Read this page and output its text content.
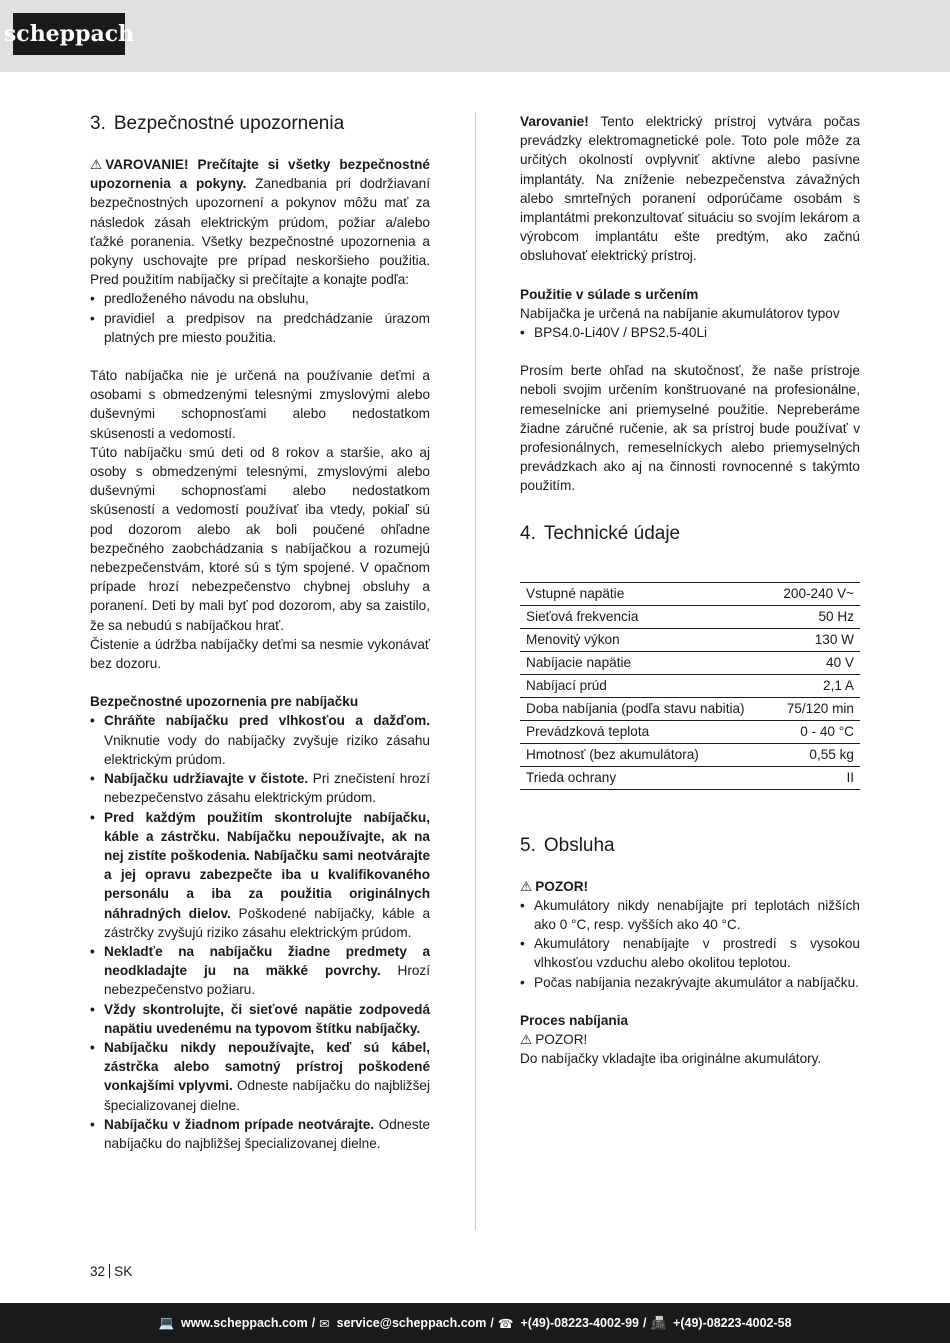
scheppach
3. Bezpečnostné upozornenia

⚠ VAROVANIE! Prečítajte si všetky bezpečnostné upozornenia a pokyny. Zanedbania pri dodržiavaní bezpečnostných upozornení a pokynov môžu mať za následok zásah elektrickým prúdom, požiar a/alebo ťažké poranenia. Všetky bezpečnostné upozornenia a pokyny uschovajte pre prípad neskoršieho použitia. Pred použitím nabíjačky si prečítajte a konajte podľa:

• predloženého návodu na obsluhu,
• pravidiel a predpisov na predchádzanie úrazom platných pre miesto použitia.

Táto nabíjačka nie je určená na používanie deťmi a osobami s obmedzenými telesnými zmyslovými alebo duševnými schopnosťami alebo nedostatkom skúsenosti a vedomostí.

Túto nabíjačku smú deti od 8 rokov a staršie, ako aj osoby s obmedzenými telesnými, zmyslovými alebo duševnými schopnosťami alebo nedostatkom skúseností a vedomostí používať iba vtedy, pokiaľ sú pod dozorom alebo ak boli poučené ohľadne bezpečného zaobchádzania s nabíjačkou a rozumejú nebezpečenstvám, ktoré sú s tým spojené. V opačnom prípade hrozí nebezpečenstvo chybnej obsluhy a poranení. Deti by mali byť pod dozorom, aby sa zaistilo, že sa nebudú s nabíjačkou hrať.

Čistenie a údržba nabíjačky deťmi sa nesmie vykonávať bez dozoru.

Bezpečnostné upozornenia pre nabíjačku

• Chráňte nabíjačku pred vlhkosťou a dažďom. Vniknutie vody do nabíjačky zvyšuje riziko zásahu elektrickým prúdom.
• Nabíjačku udržiavajte v čistote. Pri znečistení hrozí nebezpečenstvo zásahu elektrickým prúdom.
• Pred každým použitím skontrolujte nabíjačku, káble a zástrčku. Nabíjačku nepoužívajte, ak na nej zistíte poškodenia. Nabíjačku sami neotvárajte a jej opravu zabezpečte iba u kvalifikovaného personálu a iba za použitia originálnych náhradných dielov. Poškodené nabíjačky, káble a zástrčky zvyšujú riziko zásahu elektrickým prúdom.
• Nekladťe na nabíjačku žiadne predmety a neodkladajte ju na mäkké povrchy. Hrozí nebezpečenstvo požiaru.
• Vždy skontrolujte, či sieťové napätie zodpovedá napätiu uvedenému na typovom štítku nabíjačky.
• Nabíjačku nikdy nepoužívajte, keď sú kábel, zástrčka alebo samotný prístroj poškodené vonkajšími vplyvmi. Odneste nabíjačku do najbližšej špecializovanej dielne.
• Nabíjačku v žiadnom prípade neotvárajte. Odneste nabíjačku do najbližšej špecializovanej dielne.

Varovanie! Tento elektrický prístroj vytvára počas prevádzky elektromagnetické pole. Toto pole môže za určitých okolností ovplyvniť aktívne alebo pasívne implantáty. Na zníženie nebezpečenstva závažných alebo smrteľných poranení odporúčame osobám s implantátmi prekonzultovať situáciu so svojím lekárom a výrobcom implantátu ešte predtým, ako začnú obsluhovať elektrický prístroj.

Použitie v súlade s určením

Nabíjačka je určená na nabíjanie akumulátorov typov

• BPS4.0-Li40V / BPS2.5-40Li

Prosím berte ohľad na skutočnosť, že naše prístroje neboli svojim určením konštruované na profesionálne, remeselnícke ani priemyselné použitie. Nepreberáme žiadne záručné ručenie, ak sa prístroj bude používať v profesionálnych, remeselníckych alebo priemyselných prevádzkach ako aj na činnosti rovnocenné s takýmto použitím.

4. Technické údaje
Vstupné napätie	200-240 V~
Sieťová frekvencia	50 Hz
Menovitý výkon	130 W
Nabíjacie napätie	40 V
Nabíjací prúd	2,1 A
Doba nabíjania (podľa stavu nabitia)	75/120 min
Prevádzková teplota	0 - 40 °C
Hmotnosť (bez akumulátora)	0,55 kg
Trieda ochrany	II
5. Obsluha

⚠ POZOR!

• Akumulátory nikdy nenabíjajte pri teplotách nižších ako 0 °C, resp. vyšších ako 40 °C.
• Akumulátory nenabíjajte v prostredí s vysokou vlhkosťou vzduchu alebo okolitou teplotou.
• Počas nabíjania nezakrývajte akumulátor a nabíjačku.

Proces nabíjania

⚠ POZOR!

Do nabíjačky vkladajte iba originálne akumulátory.

32 SK
💻 www.scheppach.com / ✉ service@scheppach.com / ☎ +(49)-08223-4002-99 / 📠 +(49)-08223-4002-58
